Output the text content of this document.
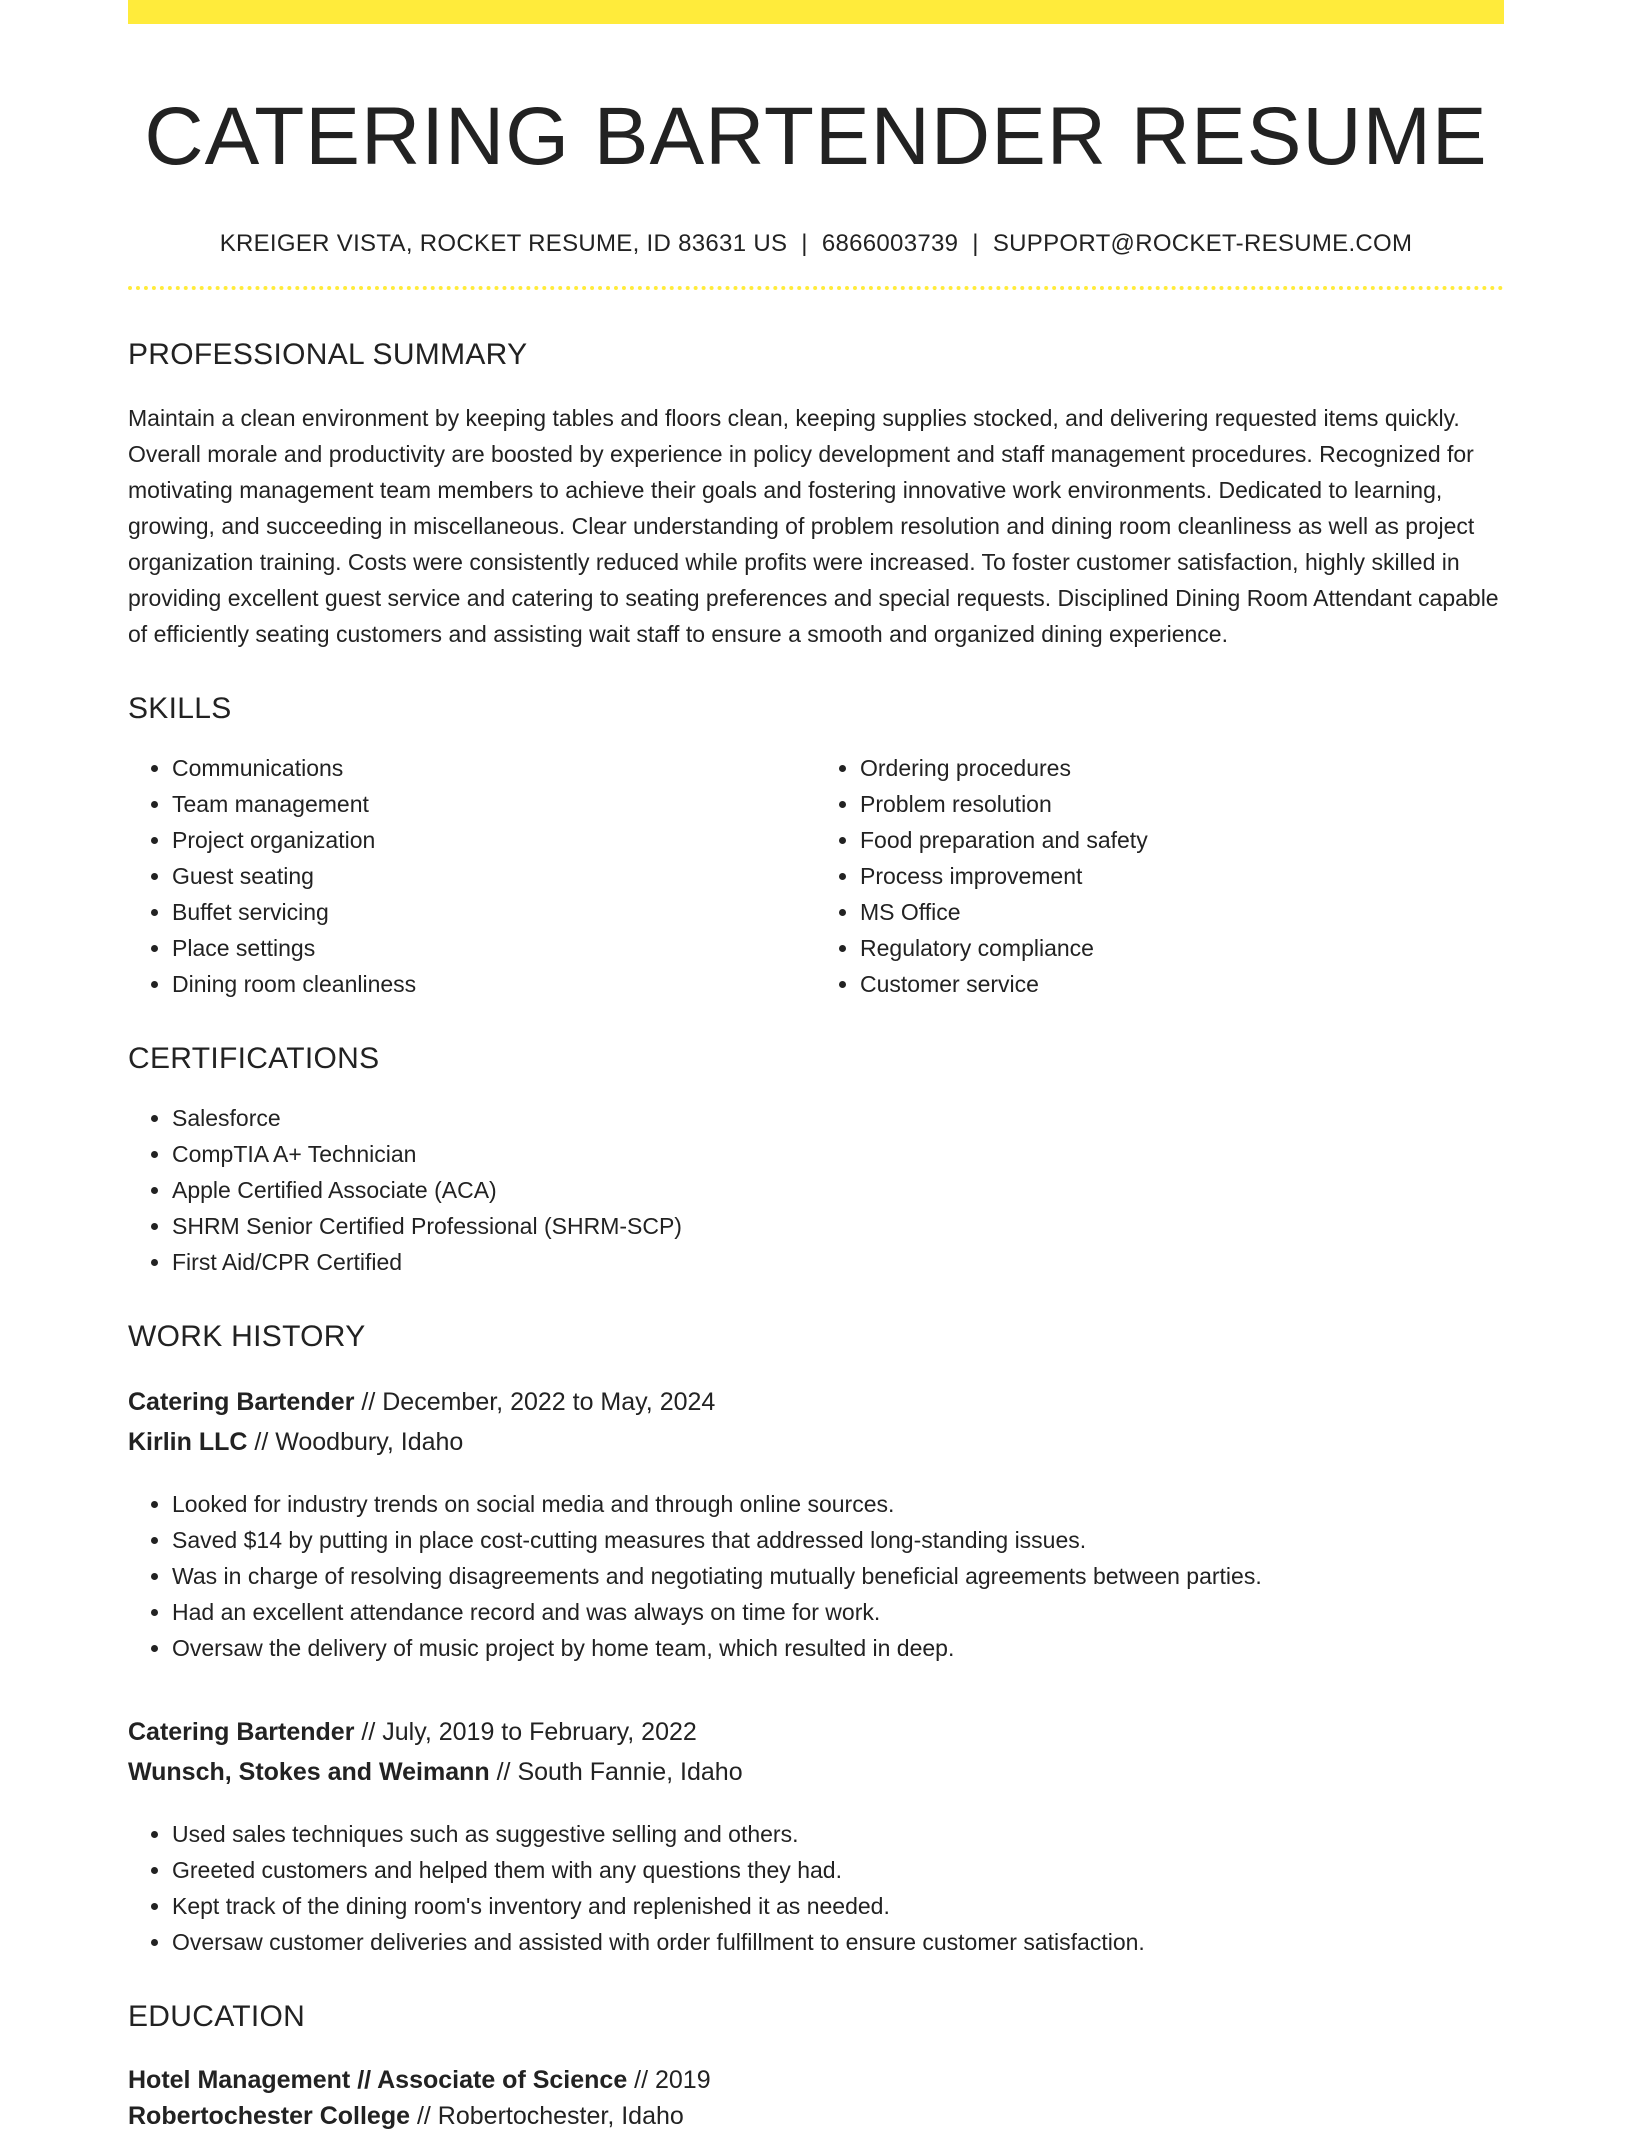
CATERING BARTENDER RESUME
KREIGER VISTA, ROCKET RESUME, ID 83631 US | 6866003739 | SUPPORT@ROCKET-RESUME.COM
PROFESSIONAL SUMMARY

Maintain a clean environment by keeping tables and floors clean, keeping supplies stocked, and delivering requested items quickly. Overall morale and productivity are boosted by experience in policy development and staff management procedures. Recognized for motivating management team members to achieve their goals and fostering innovative work environments. Dedicated to learning, growing, and succeeding in miscellaneous. Clear understanding of problem resolution and dining room cleanliness as well as project organization training. Costs were consistently reduced while profits were increased. To foster customer satisfaction, highly skilled in providing excellent guest service and catering to seating preferences and special requests. Disciplined Dining Room Attendant capable of efficiently seating customers and assisting wait staff to ensure a smooth and organized dining experience.

SKILLS
• Communications
• Team management
• Project organization
• Guest seating
• Buffet servicing
• Place settings
• Dining room cleanliness
• Ordering procedures
• Problem resolution
• Food preparation and safety
• Process improvement
• MS Office
• Regulatory compliance
• Customer service
CERTIFICATIONS
• Salesforce
• CompTIA A+ Technician
• Apple Certified Associate (ACA)
• SHRM Senior Certified Professional (SHRM-SCP)
• First Aid/CPR Certified
WORK HISTORY
Catering Bartender // December, 2022 to May, 2024
Kirlin LLC // Woodbury, Idaho
• Looked for industry trends on social media and through online sources.
• Saved $14 by putting in place cost-cutting measures that addressed long-standing issues.
• Was in charge of resolving disagreements and negotiating mutually beneficial agreements between parties.
• Had an excellent attendance record and was always on time for work.
• Oversaw the delivery of music project by home team, which resulted in deep.
Catering Bartender // July, 2019 to February, 2022
Wunsch, Stokes and Weimann // South Fannie, Idaho
• Used sales techniques such as suggestive selling and others.
• Greeted customers and helped them with any questions they had.
• Kept track of the dining room's inventory and replenished it as needed.
• Oversaw customer deliveries and assisted with order fulfillment to ensure customer satisfaction.
EDUCATION
Hotel Management // Associate of Science // 2019
Robertochester College // Robertochester, Idaho
